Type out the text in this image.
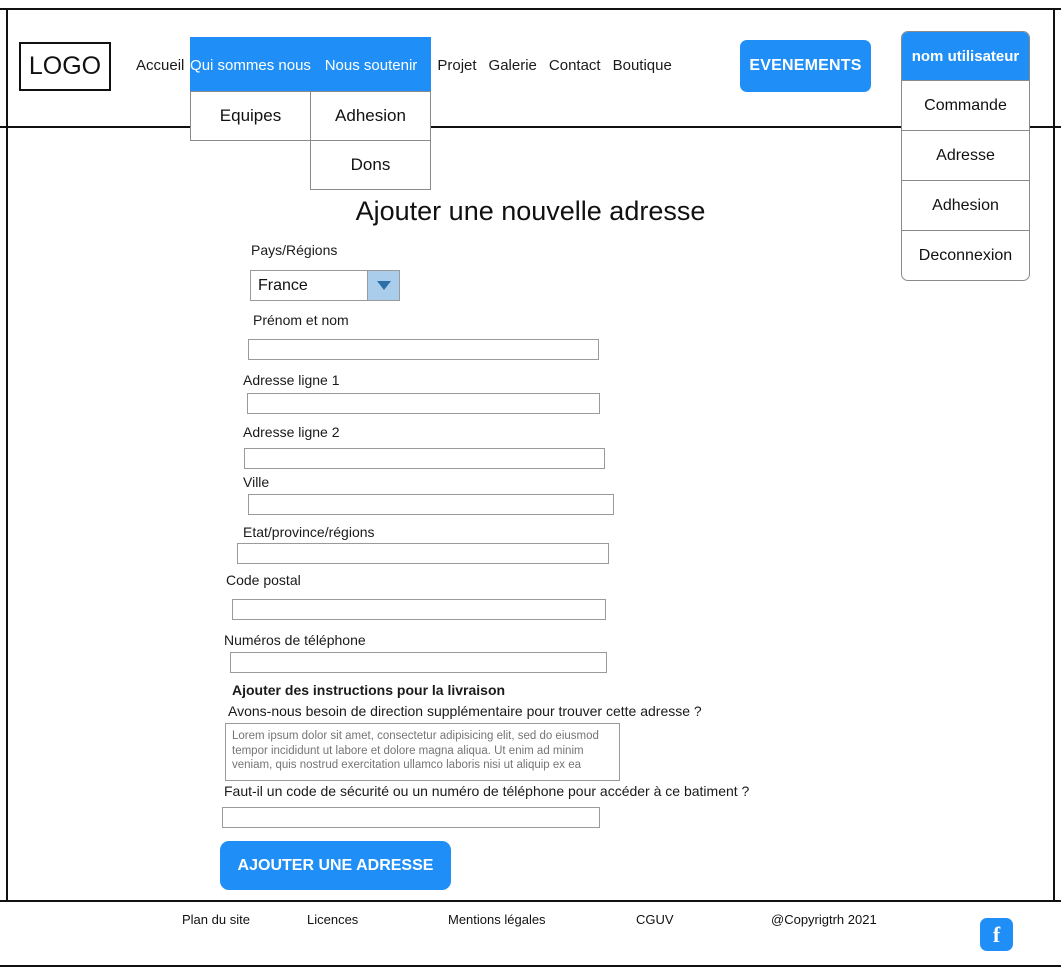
LOGO	Accueil	Projet Galerie Contact Boutique
Qui sommes nous Nous soutenir
Equipes	Adhesion
Dons
EVENEMENTS
nom utilisateur
Commande
Adresse
Adhesion
Deconnexion
Ajouter une nouvelle adresse
Pays/Régions
France
Prénom et nom
Adresse ligne 1
Adresse ligne 2
Ville
Etat/province/régions
Code postal
Numéros de téléphone
Ajouter des instructions pour la livraison
Avons-nous besoin de direction supplémentaire pour trouver cette adresse ?
Lorem ipsum dolor sit amet, consectetur adipisicing elit, sed do eiusmod tempor incididunt ut labore et dolore magna aliqua. Ut enim ad minim veniam, quis nostrud exercitation ullamco laboris nisi ut aliquip ex ea
Faut-il un code de sécurité ou un numéro de téléphone pour accéder à ce batiment ?
AJOUTER UNE ADRESSE
Plan du site	Licences	Mentions légales	CGUV	@Copyrigtrh 2021
f
